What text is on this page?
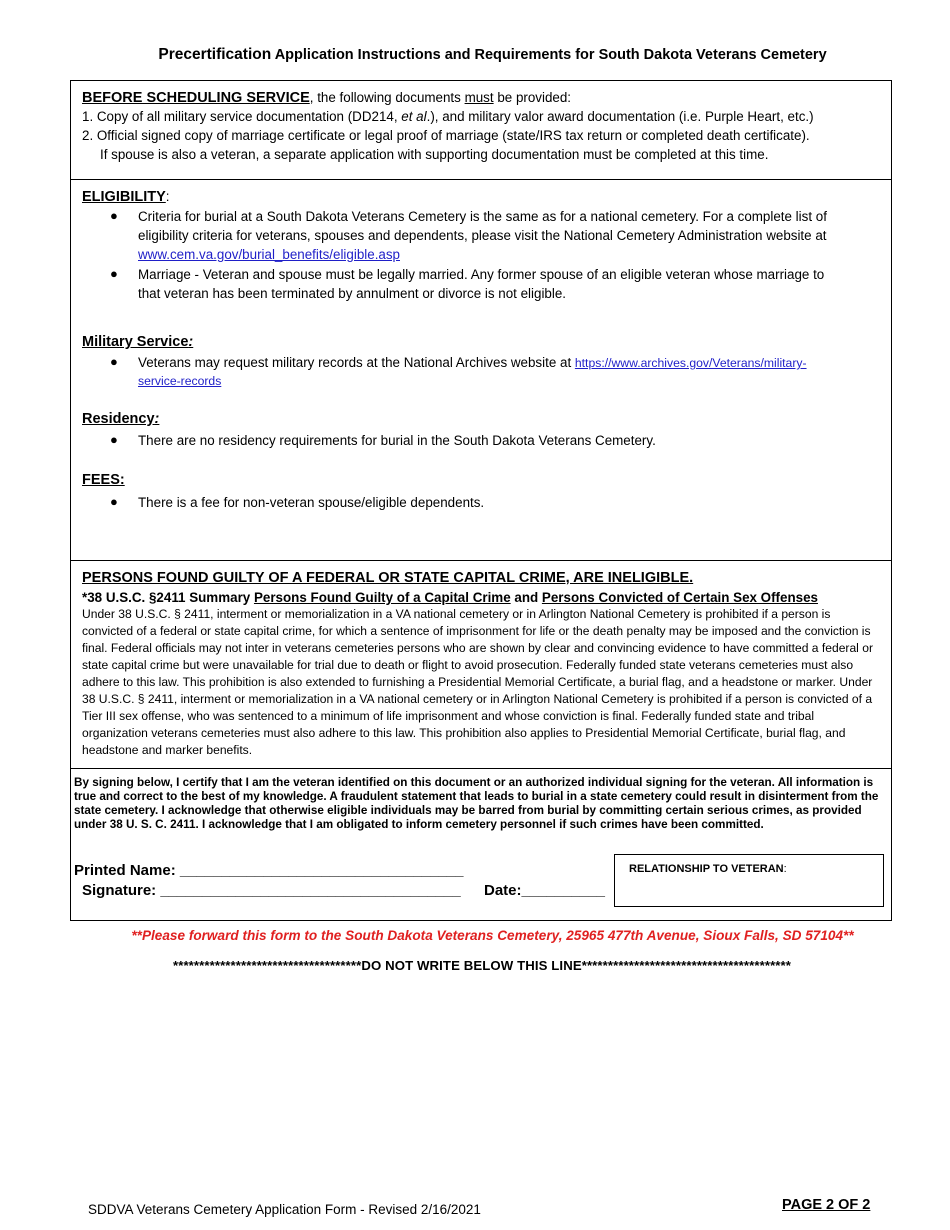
Precertification Application Instructions and Requirements for South Dakota Veterans Cemetery
BEFORE SCHEDULING SERVICE, the following documents must be provided:
1. Copy of all military service documentation (DD214, et al.), and military valor award documentation (i.e. Purple Heart, etc.)
2. Official signed copy of marriage certificate or legal proof of marriage (state/IRS tax return or completed death certificate).
If spouse is also a veteran, a separate application with supporting documentation must be completed at this time.
ELIGIBILITY:
● Criteria for burial at a South Dakota Veterans Cemetery is the same as for a national cemetery. For a complete list of
eligibility criteria for veterans, spouses and dependents, please visit the National Cemetery Administration website at
www.cem.va.gov/burial_benefits/eligible.asp
● Marriage - Veteran and spouse must be legally married. Any former spouse of an eligible veteran whose marriage to
that veteran has been terminated by annulment or divorce is not eligible.
Military Service:
● Veterans may request military records at the National Archives website at https://www.archives.gov/Veterans/military-
service-records
Residency:
● There are no residency requirements for burial in the South Dakota Veterans Cemetery.
FEES:
● There is a fee for non-veteran spouse/eligible dependents.
PERSONS FOUND GUILTY OF A FEDERAL OR STATE CAPITAL CRIME, ARE INELIGIBLE.
*38 U.S.C. §2411 Summary Persons Found Guilty of a Capital Crime and Persons Convicted of Certain Sex Offenses
Under 38 U.S.C. § 2411, interment or memorialization in a VA national cemetery or in Arlington National Cemetery is prohibited if a person is convicted of a federal or state capital crime, for which a sentence of imprisonment for life or the death penalty may be imposed and the conviction is final. Federal officials may not inter in veterans cemeteries persons who are shown by clear and convincing evidence to have committed a federal or state capital crime but were unavailable for trial due to death or flight to avoid prosecution. Federally funded state veterans cemeteries must also adhere to this law. This prohibition is also extended to furnishing a Presidential Memorial Certificate, a burial flag, and a headstone or marker. Under 38 U.S.C. § 2411, interment or memorialization in a VA national cemetery or in Arlington National Cemetery is prohibited if a person is convicted of a Tier III sex offense, who was sentenced to a minimum of life imprisonment and whose conviction is final. Federally funded state and tribal organization veterans cemeteries must also adhere to this law. This prohibition also applies to Presidential Memorial Certificate, burial flag, and headstone and marker benefits.
By signing below, I certify that I am the veteran identified on this document or an authorized individual signing for the veteran. All information is true and correct to the best of my knowledge. A fraudulent statement that leads to burial in a state cemetery could result in disinterment from the state cemetery. I acknowledge that otherwise eligible individuals may be barred from burial by committing certain serious crimes, as provided under 38 U. S. C. 2411. I acknowledge that I am obligated to inform cemetery personnel if such crimes have been committed.
Printed Name: __________________________________
Signature: ____________________________________ Date:__________
RELATIONSHIP TO VETERAN:
**Please forward this form to the South Dakota Veterans Cemetery, 25965 477th Avenue, Sioux Falls, SD 57104**
************************************DO NOT WRITE BELOW THIS LINE****************************************
SDDVA Veterans Cemetery Application Form - Revised 2/16/2021	PAGE 2 OF 2
